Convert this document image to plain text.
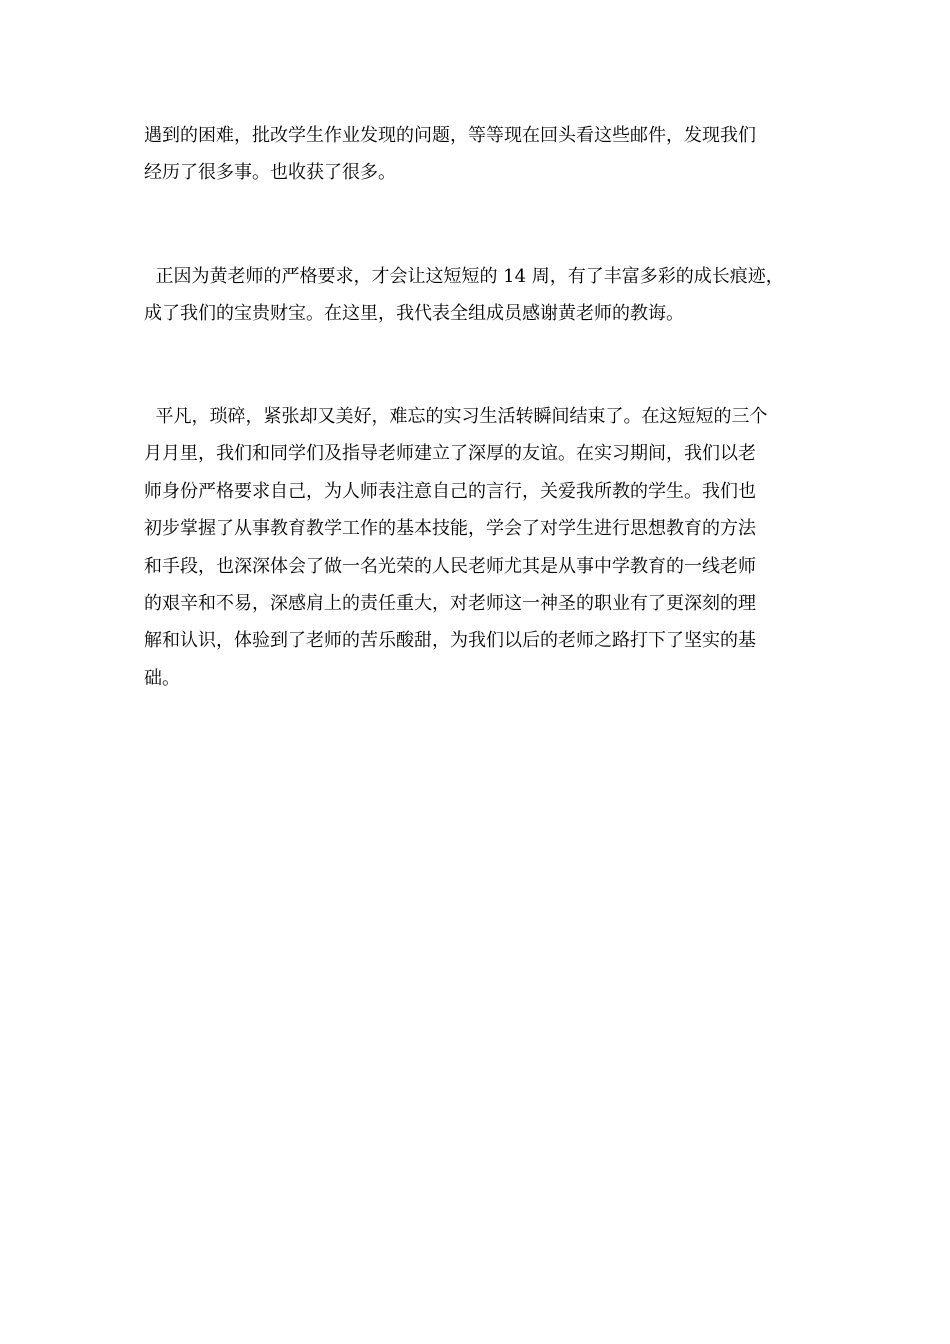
遇到的困难，批改学生作业发现的问题，等等现在回头看这些邮件，发现我们
经历了很多事。也收获了很多。
正因为黄老师的严格要求，才会让这短短的 14 周，有了丰富多彩的成长痕迹，
成了我们的宝贵财宝。在这里，我代表全组成员感谢黄老师的教诲。
平凡，琐碎，紧张却又美好，难忘的实习生活转瞬间结束了。在这短短的三个
月月里，我们和同学们及指导老师建立了深厚的友谊。在实习期间，我们以老
师身份严格要求自己，为人师表注意自己的言行，关爱我所教的学生。我们也
初步掌握了从事教育教学工作的基本技能，学会了对学生进行思想教育的方法
和手段，也深深体会了做一名光荣的人民老师尤其是从事中学教育的一线老师
的艰辛和不易，深感肩上的责任重大，对老师这一神圣的职业有了更深刻的理
解和认识，体验到了老师的苦乐酸甜，为我们以后的老师之路打下了坚实的基
础。
